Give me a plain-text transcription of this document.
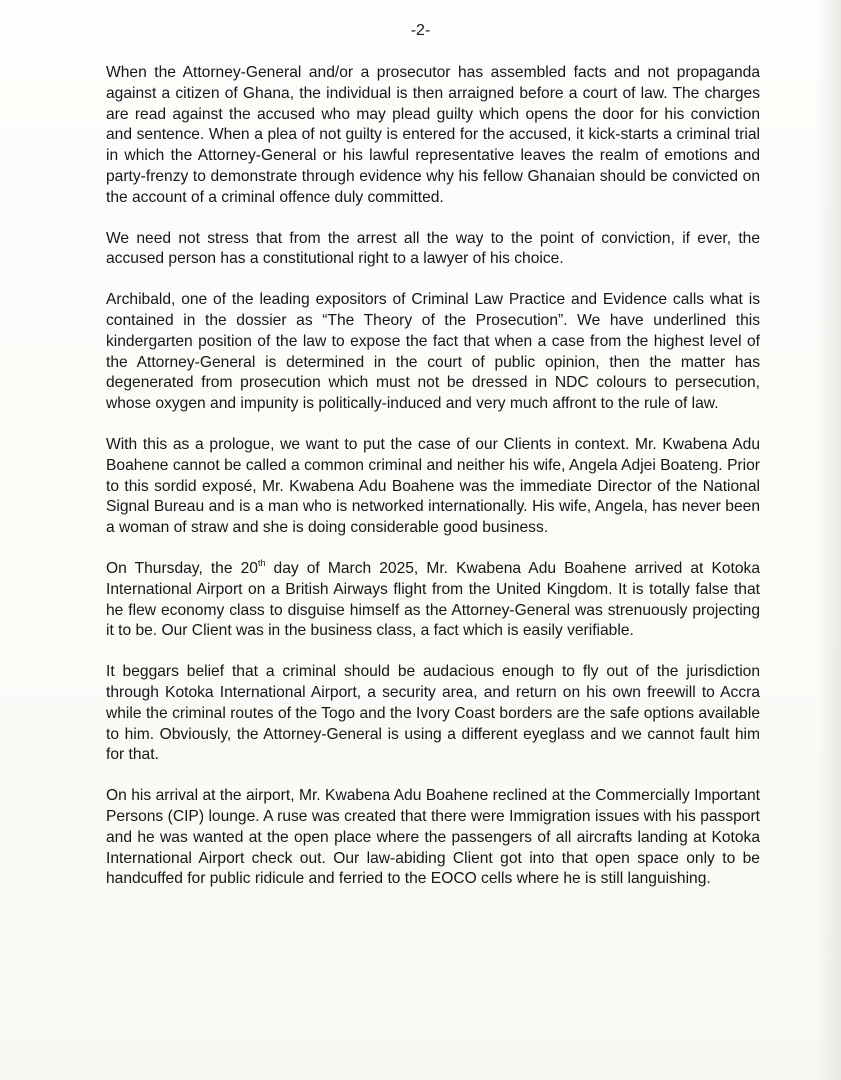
-2-

When the Attorney-General and/or a prosecutor has assembled facts and not propaganda against a citizen of Ghana, the individual is then arraigned before a court of law. The charges are read against the accused who may plead guilty which opens the door for his conviction and sentence. When a plea of not guilty is entered for the accused, it kick-starts a criminal trial in which the Attorney-General or his lawful representative leaves the realm of emotions and party-frenzy to demonstrate through evidence why his fellow Ghanaian should be convicted on the account of a criminal offence duly committed.

We need not stress that from the arrest all the way to the point of conviction, if ever, the accused person has a constitutional right to a lawyer of his choice.

Archibald, one of the leading expositors of Criminal Law Practice and Evidence calls what is contained in the dossier as “The Theory of the Prosecution”. We have underlined this kindergarten position of the law to expose the fact that when a case from the highest level of the Attorney-General is determined in the court of public opinion, then the matter has degenerated from prosecution which must not be dressed in NDC colours to persecution, whose oxygen and impunity is politically-induced and very much affront to the rule of law.

With this as a prologue, we want to put the case of our Clients in context. Mr. Kwabena Adu Boahene cannot be called a common criminal and neither his wife, Angela Adjei Boateng. Prior to this sordid exposé, Mr. Kwabena Adu Boahene was the immediate Director of the National Signal Bureau and is a man who is networked internationally. His wife, Angela, has never been a woman of straw and she is doing considerable good business.

On Thursday, the 20th day of March 2025, Mr. Kwabena Adu Boahene arrived at Kotoka International Airport on a British Airways flight from the United Kingdom. It is totally false that he flew economy class to disguise himself as the Attorney-General was strenuously projecting it to be. Our Client was in the business class, a fact which is easily verifiable.

It beggars belief that a criminal should be audacious enough to fly out of the jurisdiction through Kotoka International Airport, a security area, and return on his own freewill to Accra while the criminal routes of the Togo and the Ivory Coast borders are the safe options available to him. Obviously, the Attorney-General is using a different eyeglass and we cannot fault him for that.

On his arrival at the airport, Mr. Kwabena Adu Boahene reclined at the Commercially Important Persons (CIP) lounge. A ruse was created that there were Immigration issues with his passport and he was wanted at the open place where the passengers of all aircrafts landing at Kotoka International Airport check out. Our law-abiding Client got into that open space only to be handcuffed for public ridicule and ferried to the EOCO cells where he is still languishing.
